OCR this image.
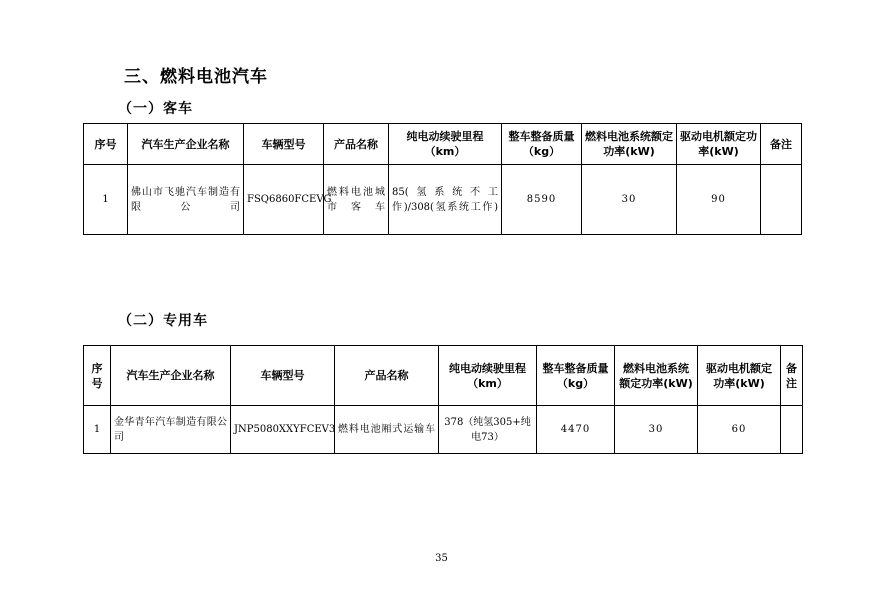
三、燃料电池汽车
（一）客车
序号	汽车生产企业名称	车辆型号	产品名称	纯电动续驶里程（km）	整车整备质量（kg）	燃料电池系统额定功率(kW)	驱动电机额定功率(kW)	备注
1	佛山市飞驰汽车制造有限公司	FSQ6860FCEVG	燃料电池城市客车	85(氢系统不工作)/308(氢系统工作)	8590	30	90	
（二）专用车
序号	汽车生产企业名称	车辆型号	产品名称	纯电动续驶里程（km）	整车整备质量（kg）	燃料电池系统额定功率(kW)	驱动电机额定功率(kW)	备注
1	金华青年汽车制造有限公司	JNP5080XXYFCEV3	燃料电池厢式运输车	378（纯氢305+纯电73）	4470	30	60	
35
